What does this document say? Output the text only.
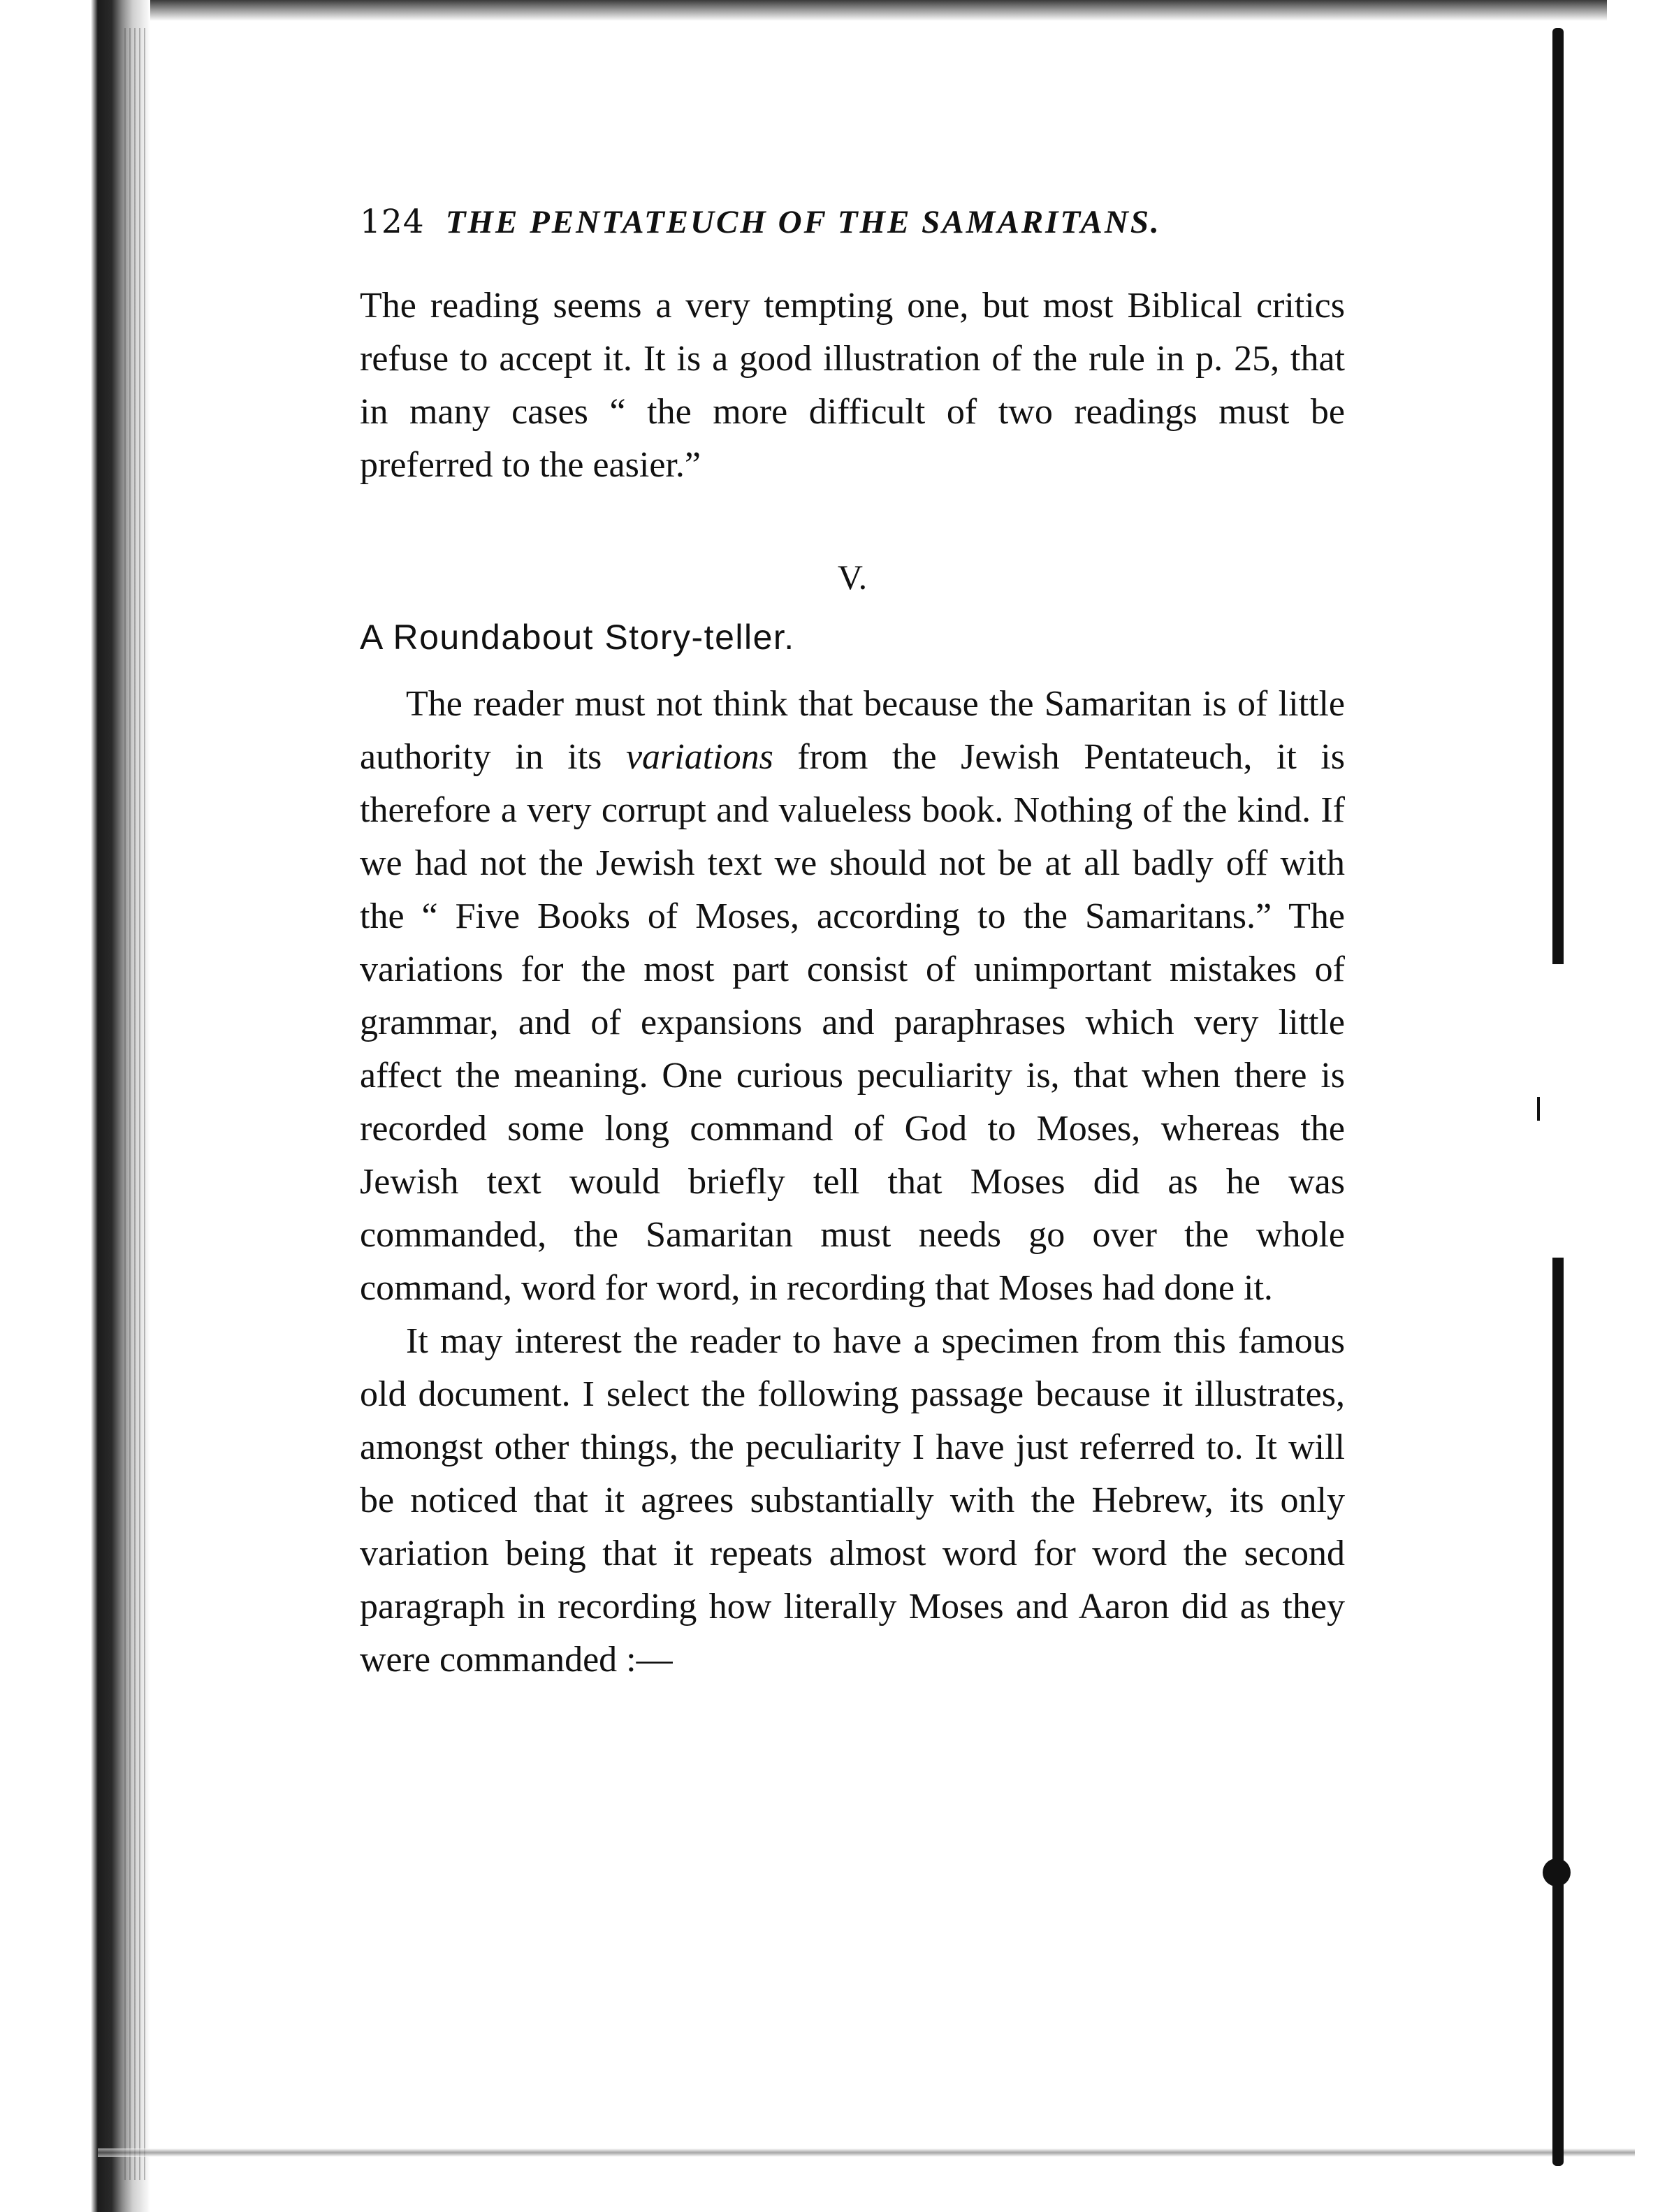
124 THE PENTATEUCH OF THE SAMARITANS.

The reading seems a very tempting one, but most Biblical critics refuse to accept it. It is a good illustration of the rule in p. 25, that in many cases “ the more difficult of two readings must be preferred to the easier.”

V.
A Roundabout Story-teller.

The reader must not think that because the Samaritan is of little authority in its variations from the Jewish Pentateuch, it is therefore a very corrupt and valueless book. Nothing of the kind. If we had not the Jewish text we should not be at all badly off with the “ Five Books of Moses, according to the Samaritans.” The variations for the most part consist of unimportant mistakes of grammar, and of expansions and paraphrases which very little affect the meaning. One curious peculiarity is, that when there is recorded some long command of God to Moses, whereas the Jewish text would briefly tell that Moses did as he was commanded, the Samaritan must needs go over the whole command, word for word, in recording that Moses had done it.

It may interest the reader to have a specimen from this famous old document. I select the following passage because it illustrates, amongst other things, the peculiarity I have just referred to. It will be noticed that it agrees substantially with the Hebrew, its only variation being that it repeats almost word for word the second paragraph in recording how literally Moses and Aaron did as they were commanded :—
